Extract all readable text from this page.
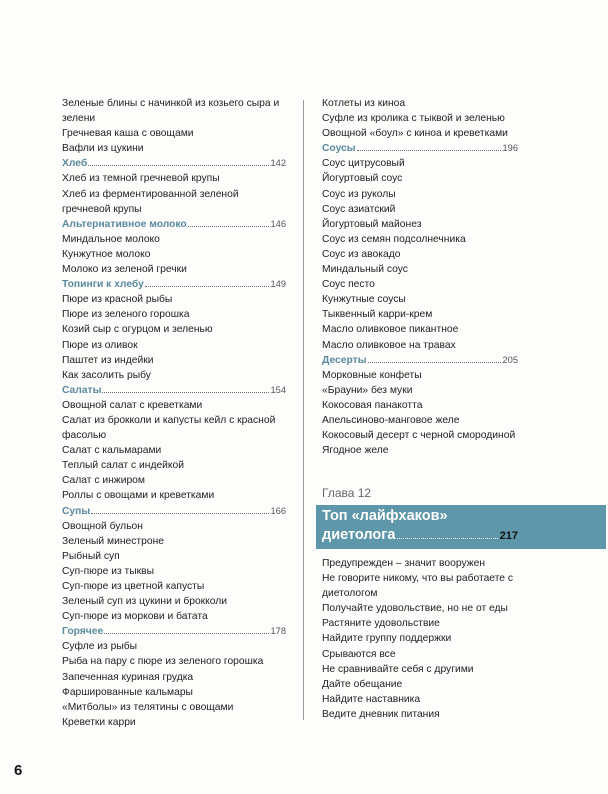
Зеленые блины с начинкой из козьего сыра и зелени
Гречневая каша с овощами
Вафли из цукини
Хлеб	142
Хлеб из темной гречневой крупы
Хлеб из ферментированной зеленой гречневой крупы
Альтернативное молоко	146
Миндальное молоко
Кунжутное молоко
Молоко из зеленой гречки
Топинги к хлебу	149
Пюре из красной рыбы
Пюре из зеленого горошка
Козий сыр с огурцом и зеленью
Пюре из оливок
Паштет из индейки
Как засолить рыбу
Салаты	154
Овощной салат с креветками
Салат из брокколи и капусты кейл с красной фасолью
Салат с кальмарами
Теплый салат с индейкой
Салат с инжиром
Роллы с овощами и креветками
Супы	166
Овощной бульон
Зеленый минестроне
Рыбный суп
Суп-пюре из тыквы
Суп-пюре из цветной капусты
Зеленый суп из цукини и брокколи
Суп-пюре из моркови и батата
Горячее	178
Суфле из рыбы
Рыба на пару с пюре из зеленого горошка
Запеченная куриная грудка
Фаршированные кальмары
«Митболы» из телятины с овощами
Креветки карри
Котлеты из киноа
Суфле из кролика с тыквой и зеленью
Овощной «боул» с киноа и креветками
Соусы	196
Соус цитрусовый
Йогуртовый соус
Соус из руколы
Соус азиатский
Йогуртовый майонез
Соус из семян подсолнечника
Соус из авокадо
Миндальный соус
Соус песто
Кунжутные соусы
Тыквенный карри-крем
Масло оливковое пикантное
Масло оливковое на травах
Десерты	205
Морковные конфеты
«Брауни» без муки
Кокосовая панакотта
Апельсиново-манговое желе
Кокосовый десерт с черной смородиной
Ягодное желе
Глава 12
Топ «лайфхаков»
диетолога	217
Предупрежден – значит вооружен
Не говорите никому, что вы работаете с диетологом
Получайте удовольствие, но не от еды
Растяните удовольствие
Найдите группу поддержки
Срываются все
Не сравнивайте себя с другими
Дайте обещание
Найдите наставника
Ведите дневник питания
6
